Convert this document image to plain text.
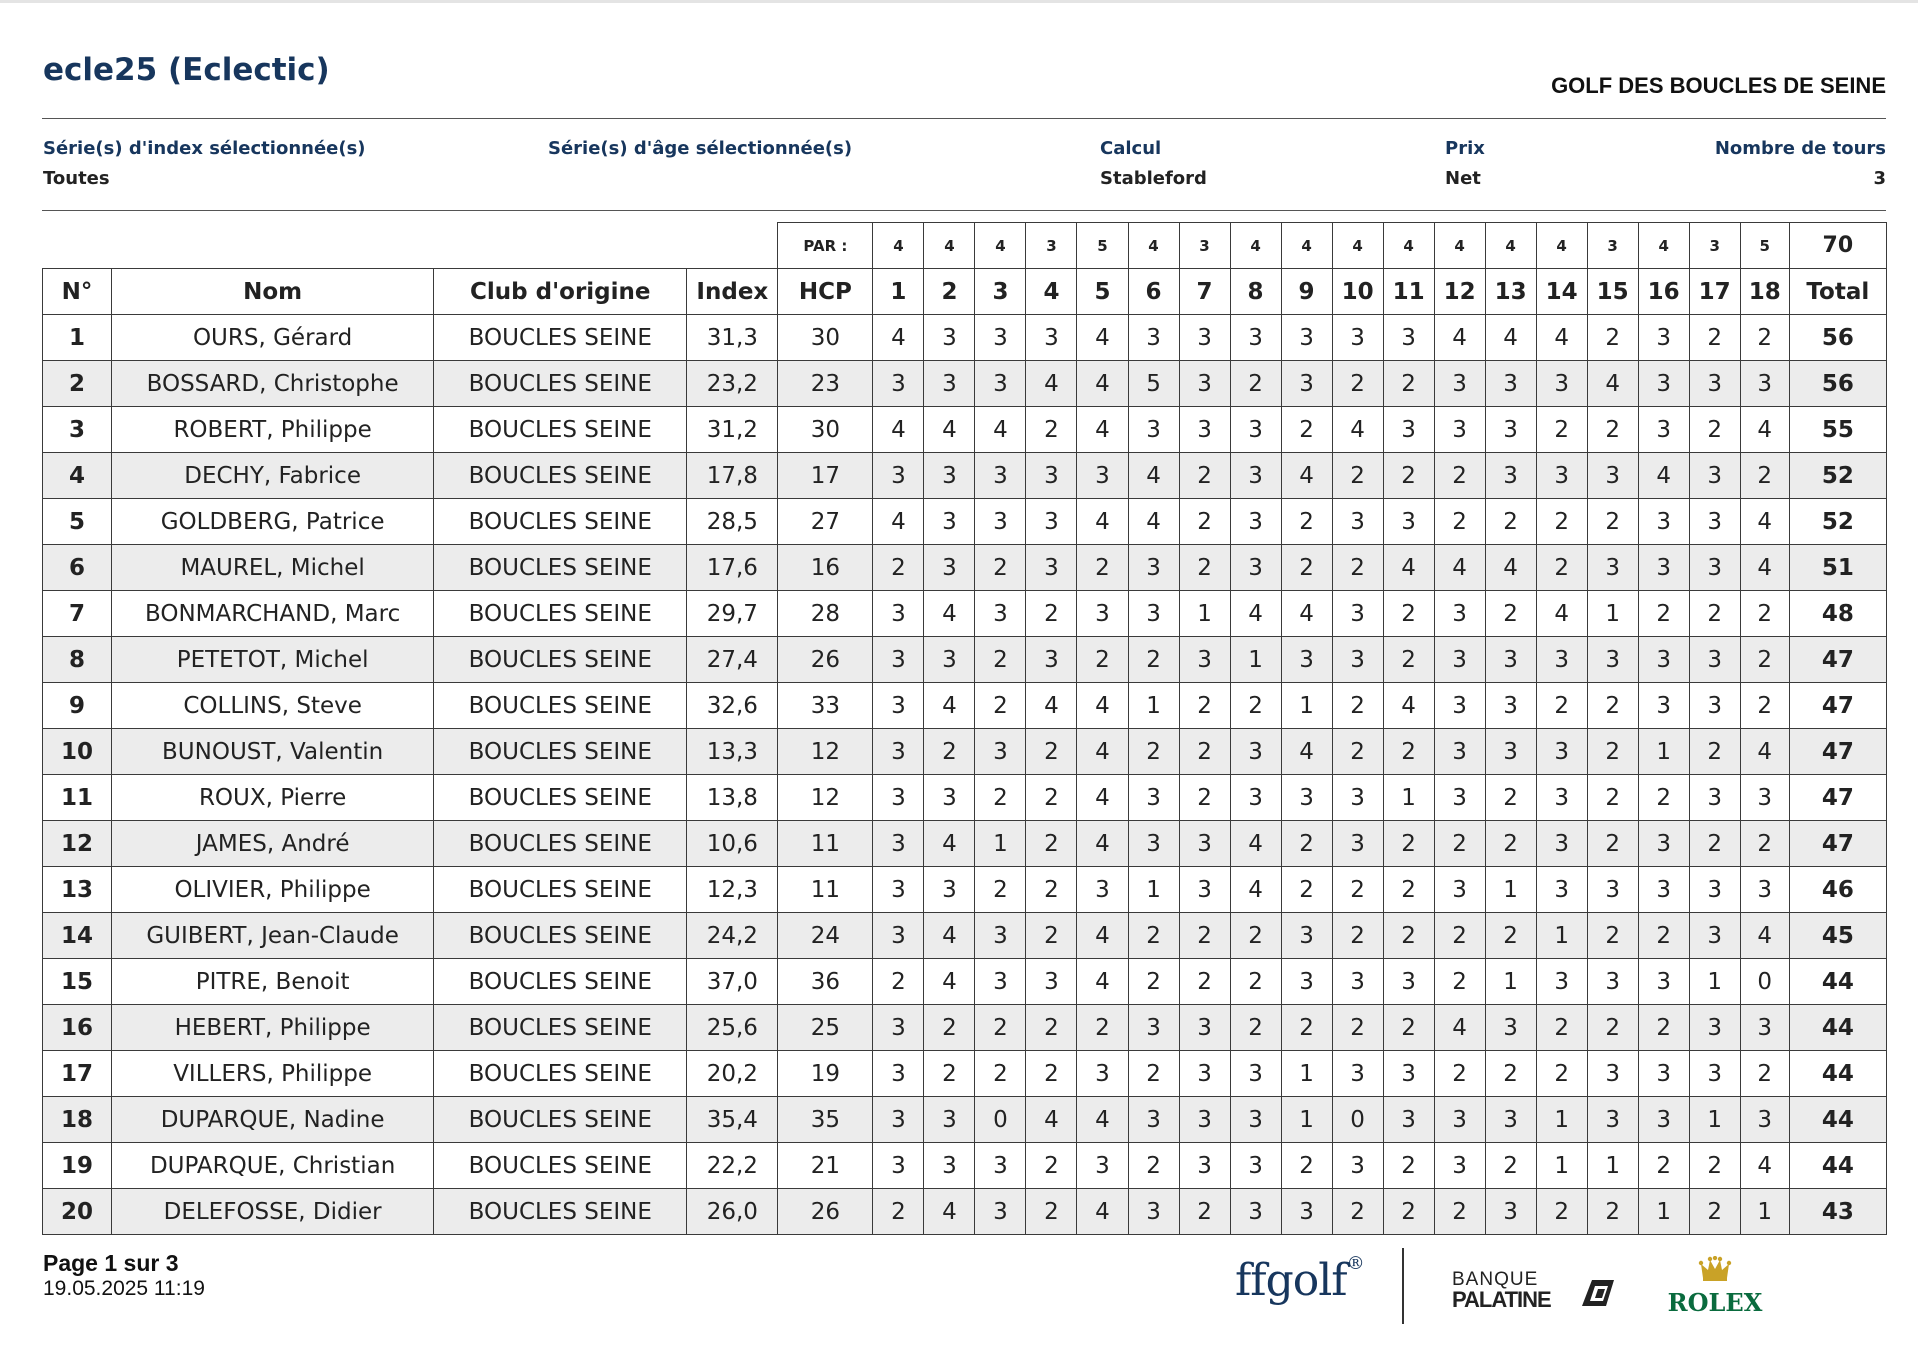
ecle25 (Eclectic)	GOLF DES BOUCLES DE SEINE
Série(s) d'index sélectionnée(s)
Toutes
Série(s) d'âge sélectionnée(s)	Calcul
Stableford
Prix
Net
Nombre de tours
3
				PAR :	4	4	4	3	5	4	3	4	4	4	4	4	4	4	3	4	3	5	70
N°	Nom	Club d'origine	Index	HCP	1	2	3	4	5	6	7	8	9	10	11	12	13	14	15	16	17	18	Total
1	OURS, Gérard	BOUCLES SEINE	31,3	30	4	3	3	3	4	3	3	3	3	3	3	4	4	4	2	3	2	2	56
2	BOSSARD, Christophe	BOUCLES SEINE	23,2	23	3	3	3	4	4	5	3	2	3	2	2	3	3	3	4	3	3	3	56
3	ROBERT, Philippe	BOUCLES SEINE	31,2	30	4	4	4	2	4	3	3	3	2	4	3	3	3	2	2	3	2	4	55
4	DECHY, Fabrice	BOUCLES SEINE	17,8	17	3	3	3	3	3	4	2	3	4	2	2	2	3	3	3	4	3	2	52
5	GOLDBERG, Patrice	BOUCLES SEINE	28,5	27	4	3	3	3	4	4	2	3	2	3	3	2	2	2	2	3	3	4	52
6	MAUREL, Michel	BOUCLES SEINE	17,6	16	2	3	2	3	2	3	2	3	2	2	4	4	4	2	3	3	3	4	51
7	BONMARCHAND, Marc	BOUCLES SEINE	29,7	28	3	4	3	2	3	3	1	4	4	3	2	3	2	4	1	2	2	2	48
8	PETETOT, Michel	BOUCLES SEINE	27,4	26	3	3	2	3	2	2	3	1	3	3	2	3	3	3	3	3	3	2	47
9	COLLINS, Steve	BOUCLES SEINE	32,6	33	3	4	2	4	4	1	2	2	1	2	4	3	3	2	2	3	3	2	47
10	BUNOUST, Valentin	BOUCLES SEINE	13,3	12	3	2	3	2	4	2	2	3	4	2	2	3	3	3	2	1	2	4	47
11	ROUX, Pierre	BOUCLES SEINE	13,8	12	3	3	2	2	4	3	2	3	3	3	1	3	2	3	2	2	3	3	47
12	JAMES, André	BOUCLES SEINE	10,6	11	3	4	1	2	4	3	3	4	2	3	2	2	2	3	2	3	2	2	47
13	OLIVIER, Philippe	BOUCLES SEINE	12,3	11	3	3	2	2	3	1	3	4	2	2	2	3	1	3	3	3	3	3	46
14	GUIBERT, Jean-Claude	BOUCLES SEINE	24,2	24	3	4	3	2	4	2	2	2	3	2	2	2	2	1	2	2	3	4	45
15	PITRE, Benoit	BOUCLES SEINE	37,0	36	2	4	3	3	4	2	2	2	3	3	3	2	1	3	3	3	1	0	44
16	HEBERT, Philippe	BOUCLES SEINE	25,6	25	3	2	2	2	2	3	3	2	2	2	2	4	3	2	2	2	3	3	44
17	VILLERS, Philippe	BOUCLES SEINE	20,2	19	3	2	2	2	3	2	3	3	1	3	3	2	2	2	3	3	3	2	44
18	DUPARQUE, Nadine	BOUCLES SEINE	35,4	35	3	3	0	4	4	3	3	3	1	0	3	3	3	1	3	3	1	3	44
19	DUPARQUE, Christian	BOUCLES SEINE	22,2	21	3	3	3	2	3	2	3	3	2	3	2	3	2	1	1	2	2	4	44
20	DELEFOSSE, Didier	BOUCLES SEINE	26,0	26	2	4	3	2	4	3	2	3	3	2	2	2	3	2	2	1	2	1	43
Page 1 sur 3
19.05.2025 11:19	ffgolf®
BANQUE
PALATINE	ROLEX
